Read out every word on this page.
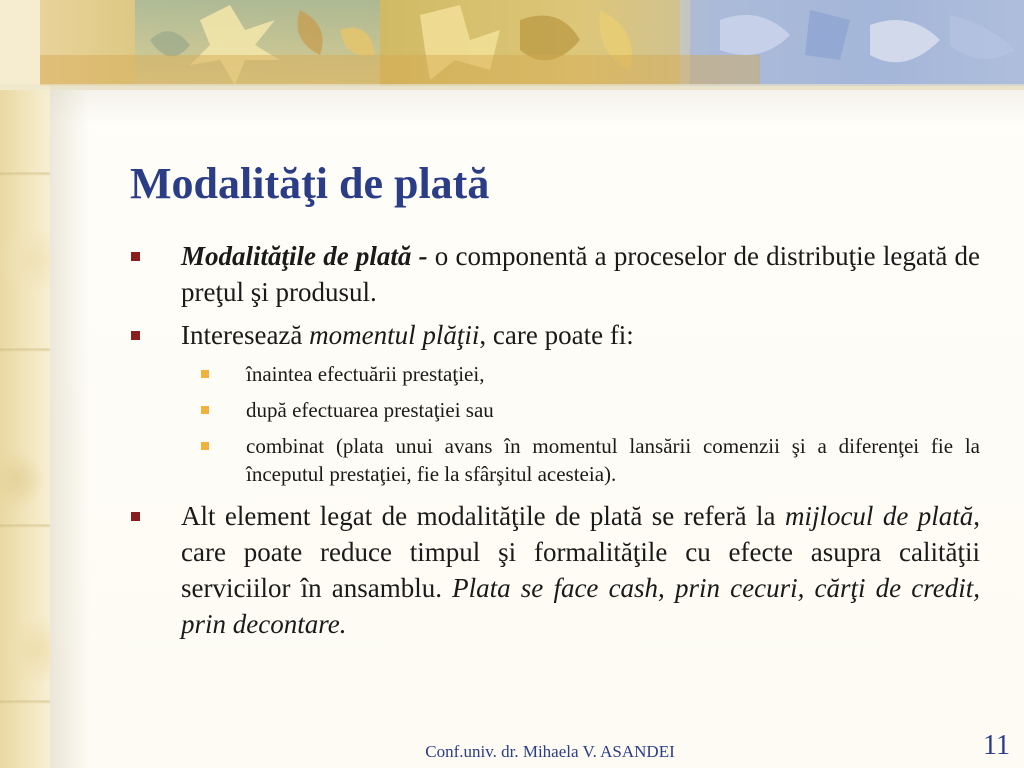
Modalităţi de plată
Modalităţile de plată - o componentă a proceselor de distribuţie legată de preţul şi produsul.
Interesează momentul plăţii, care poate fi:
înaintea efectuării prestaţiei,
după efectuarea prestaţiei sau
combinat (plata unui avans în momentul lansării comenzii şi a diferenţei fie la începutul prestaţiei, fie la sfârşitul acesteia).
Alt element legat de modalităţile de plată se referă la mijlocul de plată, care poate reduce timpul şi formalităţile cu efecte asupra calităţii serviciilor în ansamblu. Plata se face cash, prin cecuri, cărţi de credit, prin decontare.
Conf.univ. dr. Mihaela V. ASANDEI	11
